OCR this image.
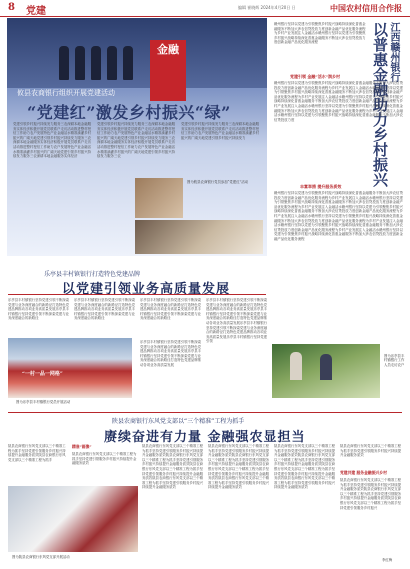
8 党建	编辑 崔晓辉 2024年4月20日 日	中国农村信用合作报
金融
攸县农商银行组织开展党建活动
“党建红”激发乡村振兴“绿”
党建引领乡村振兴持续发力服务三农深耕本地金融服务实体经济积极开展党员联系户走访活动推进整村授信工作助力农户发展特色产业金融活水精准滴灌乡村振兴的广阔天地党建引领乡村振兴持续发力服务三农深耕本地金融服务实体经济积极开展党员联系户走访活动推进整村授信工作助力农户发展特色产业金融活水精准滴灌乡村振兴的广阔天地党建引领乡村振兴持续发力服务三农深耕本地金融服务实体经济
党建引领乡村振兴持续发力服务三农深耕本地金融服务实体经济积极开展党员联系户走访活动推进整村授信工作助力农户发展特色产业金融活水精准滴灌乡村振兴的广阔天地党建引领乡村振兴持续发力服务三农深耕本地金融服务实体经济积极开展党员联系户走访活动推进整村授信工作助力农户发展特色产业金融活水精准滴灌乡村振兴的广阔天地党建引领乡村振兴持续发力服务三农
党建引领乡村振兴持续发力服务三农深耕本地金融服务实体经济积极开展党员联系户走访活动推进整村授信工作助力农户发展特色产业金融活水精准滴灌乡村振兴的广阔天地党建引领乡村振兴持续发力
图为攸县农商银行党员参加“党建红”活动
江西赣州银行
以普惠金融助力乡村振兴
赣州银行坚持以党建为引领聚焦乡村振兴战略持续深化普惠金融服务不断加大涉农信贷投放力度创新金融产品优化服务流程为乡村产业发展注入金融活水赣州银行坚持以党建为引领聚焦乡村振兴战略持续深化普惠金融服务不断加大涉农信贷投放力度创新金融产品优化服务流程
党建引领 金融“活水”润乡村
赣州银行坚持以党建为引领聚焦乡村振兴战略持续深化普惠金融服务不断加大涉农信贷投放力度创新金融产品优化服务流程为乡村产业发展注入金融活水赣州银行坚持以党建为引领聚焦乡村振兴战略持续深化普惠金融服务不断加大涉农信贷投放力度创新金融产品优化服务流程为乡村产业发展注入金融活水赣州银行坚持以党建为引领聚焦乡村振兴战略持续深化普惠金融服务不断加大涉农信贷投放力度创新金融产品优化服务流程为乡村产业发展注入金融活水赣州银行坚持以党建为引领聚焦乡村振兴战略持续深化普惠金融服务不断加大涉农信贷投放力度创新金融产品优化服务流程为乡村产业发展注入金融活水赣州银行坚持以党建为引领聚焦乡村振兴战略持续深化普惠金融服务不断加大涉农信贷投放力度
丰富举措 提升服务质效
赣州银行坚持以党建为引领聚焦乡村振兴战略持续深化普惠金融服务不断加大涉农信贷投放力度创新金融产品优化服务流程为乡村产业发展注入金融活水赣州银行坚持以党建为引领聚焦乡村振兴战略持续深化普惠金融服务不断加大涉农信贷投放力度创新金融产品优化服务流程为乡村产业发展注入金融活水赣州银行坚持以党建为引领聚焦乡村振兴战略持续深化普惠金融服务不断加大涉农信贷投放力度创新金融产品优化服务流程为乡村产业发展注入金融活水赣州银行坚持以党建为引领聚焦乡村振兴战略持续深化普惠金融服务不断加大涉农信贷投放力度创新金融产品优化服务流程为乡村产业发展注入金融活水赣州银行坚持以党建为引领聚焦乡村振兴战略持续深化普惠金融服务不断加大涉农信贷投放力度创新金融产品优化服务流程为乡村产业发展注入金融活水赣州银行坚持以党建为引领聚焦乡村振兴战略持续深化普惠金融服务不断加大涉农信贷投放力度创新金融产品优化服务流程
乐亭县丰村镇银行打造特色党建品牌
以党建引领业务高质量发展
乐亭县丰村镇银行坚持党建引领不断探索党建与业务深度融合的新路径打造特色党建品牌推动各项业务高质量发展乐亭县丰村镇银行坚持党建引领不断探索党建与业务深度融合的新路径
乐亭县丰村镇银行坚持党建引领不断探索党建与业务深度融合的新路径打造特色党建品牌推动各项业务高质量发展乐亭县丰村镇银行坚持党建引领不断探索党建与业务深度融合的新路径
乐亭县丰村镇银行坚持党建引领不断探索党建与业务深度融合的新路径打造特色党建品牌推动各项业务高质量发展乐亭县丰村镇银行坚持党建引领不断探索党建与业务深度融合的新路径
乐亭县丰村镇银行坚持党建引领不断探索党建与业务深度融合的新路径打造特色党建品牌推动各项业务高质量发展乐亭县丰村镇银行坚持党建引领不断探索党建与业务深度融合的新路径打造特色党建品牌推动各项业务高质量发展乐亭县丰村镇银行坚持党建引领不断探索党建与业务深度融合的新路径打造特色党建品牌推动各项业务高质量发展乐亭县丰村镇银行坚持党建引领
“一村一品一网格”
图为乐亭县丰村镇银行党员开展活动
乐亭县丰村镇银行坚持党建引领不断探索党建与业务深度融合的新路径打造特色党建品牌推动各项业务高质量发展乐亭县丰村镇银行坚持党建引领不断探索党建与业务深度融合的新路径打造特色党建品牌推动各项业务高质量发展
图为乐亭县丰村镇银行工作人员走访农户
陕县农商银行东风党支部以“三个精准”工程为抓手
赓续奋进有力量 金融强农显担当
陕县农商银行东风党支部以三个精准工程为抓手坚持党建引领服务乡村振兴持续提升金融服务质效陕县农商银行东风党支部以三个精准工程为抓手
图为陕县农商银行东风党支部开展活动
精准“画像”
陕县农商银行东风党支部以三个精准工程为抓手坚持党建引领服务乡村振兴持续提升金融服务质效
陕县农商银行东风党支部以三个精准工程为抓手坚持党建引领服务乡村振兴持续提升金融服务质效陕县农商银行东风党支部以三个精准工程为抓手坚持党建引领服务乡村振兴持续提升金融服务质效陕县农商银行东风党支部以三个精准工程为抓手坚持党建引领服务乡村振兴持续提升金融服务质效陕县农商银行东风党支部以三个精准工程为抓手坚持党建引领服务乡村振兴持续提升金融服务质效
陕县农商银行东风党支部以三个精准工程为抓手坚持党建引领服务乡村振兴持续提升金融服务质效陕县农商银行东风党支部以三个精准工程为抓手坚持党建引领服务乡村振兴持续提升金融服务质效陕县农商银行东风党支部以三个精准工程为抓手坚持党建引领服务乡村振兴持续提升金融服务质效陕县农商银行东风党支部以三个精准工程为抓手坚持党建引领服务乡村振兴持续提升金融服务质效
陕县农商银行东风党支部以三个精准工程为抓手坚持党建引领服务乡村振兴持续提升金融服务质效陕县农商银行东风党支部以三个精准工程为抓手坚持党建引领服务乡村振兴持续提升金融服务质效陕县农商银行东风党支部以三个精准工程为抓手坚持党建引领服务乡村振兴持续提升金融服务质效陕县农商银行东风党支部以三个精准工程为抓手坚持党建引领服务乡村振兴持续提升金融服务质效
党建共建 服务金融振兴乡村
陕县农商银行东风党支部以三个精准工程为抓手坚持党建引领服务乡村振兴持续提升金融服务质效
陕县农商银行东风党支部以三个精准工程为抓手坚持党建引领服务乡村振兴持续提升金融服务质效陕县农商银行东风党支部以三个精准工程为抓手坚持党建引领服务乡村振兴持续提升金融服务质效陕县农商银行东风党支部以三个精准工程为抓手坚持党建引领服务乡村振兴
李红梅
